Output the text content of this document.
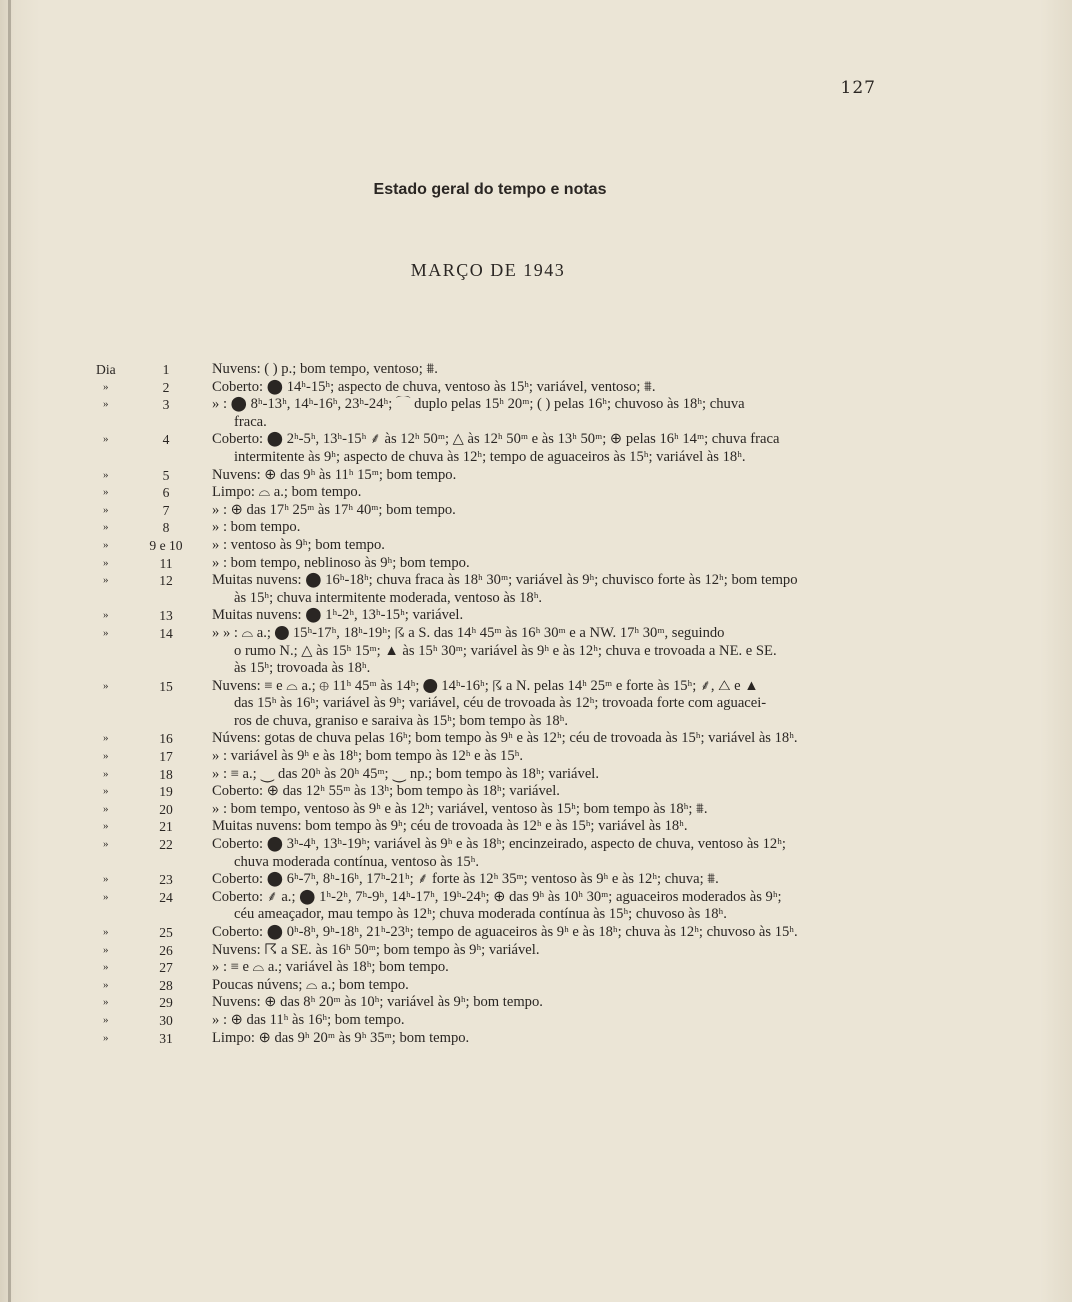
127
Estado geral do tempo e notas
MARÇO DE 1943
Dia	1	Nuvens: ( ) p.; bom tempo, ventoso; ⩩.
»	2	Coberto: ⬤ 14ʰ-15ʰ; aspecto de chuva, ventoso às 15ʰ; variável, ventoso; ⩩.
»	3	» : ⬤ 8ʰ-13ʰ, 14ʰ-16ʰ, 23ʰ-24ʰ; ⌒ duplo pelas 15ʰ 20ᵐ; ( ) pelas 16ʰ; chuvoso às 18ʰ; chuva
fraca.
»	4	Coberto: ⬤ 2ʰ-5ʰ, 13ʰ-15ʰ ⸙ às 12ʰ 50ᵐ; △ às 12ʰ 50ᵐ e às 13ʰ 50ᵐ; ⊕ pelas 16ʰ 14ᵐ; chuva fraca
intermitente às 9ʰ; aspecto de chuva às 12ʰ; tempo de aguaceiros às 15ʰ; variável às 18ʰ.
»	5	Nuvens: ⊕ das 9ʰ às 11ʰ 15ᵐ; bom tempo.
»	6	Limpo: ⌓ a.; bom tempo.
»	7	» : ⊕ das 17ʰ 25ᵐ às 17ʰ 40ᵐ; bom tempo.
»	8	» : bom tempo.
»	9 e 10	» : ventoso às 9ʰ; bom tempo.
»	11	» : bom tempo, neblinoso às 9ʰ; bom tempo.
»	12	Muitas nuvens: ⬤ 16ʰ-18ʰ; chuva fraca às 18ʰ 30ᵐ; variável às 9ʰ; chuvisco forte às 12ʰ; bom tempo
às 15ʰ; chuva intermitente moderada, ventoso às 18ʰ.
»	13	Muitas nuvens: ⬤ 1ʰ-2ʰ, 13ʰ-15ʰ; variável.
»	14	» » : ⌓ a.; ⬤ 15ʰ-17ʰ, 18ʰ-19ʰ; ☈ a S. das 14ʰ 45ᵐ às 16ʰ 30ᵐ e a NW. 17ʰ 30ᵐ, seguindo
o rumo N.; △ às 15ʰ 15ᵐ; ▲ às 15ʰ 30ᵐ; variável às 9ʰ e às 12ʰ; chuva e trovoada a NE. e SE.
às 15ʰ; trovoada às 18ʰ.
»	15	Nuvens: ≡ e ⌓ a.; ⊕ 11ʰ 45ᵐ às 14ʰ; ⬤ 14ʰ-16ʰ; ☈ a N. pelas 14ʰ 25ᵐ e forte às 15ʰ; ⸙, △ e ▲
das 15ʰ às 16ʰ; variável às 9ʰ; variável, céu de trovoada às 12ʰ; trovoada forte com aguacei-
ros de chuva, graniso e saraiva às 15ʰ; bom tempo às 18ʰ.
»	16	Núvens: gotas de chuva pelas 16ʰ; bom tempo às 9ʰ e às 12ʰ; céu de trovoada às 15ʰ; variável às 18ʰ.
»	17	» : variável às 9ʰ e às 18ʰ; bom tempo às 12ʰ e às 15ʰ.
»	18	» : ≡ a.; ⏝ das 20ʰ às 20ʰ 45ᵐ; ⏝ np.; bom tempo às 18ʰ; variável.
»	19	Coberto: ⊕ das 12ʰ 55ᵐ às 13ʰ; bom tempo às 18ʰ; variável.
»	20	» : bom tempo, ventoso às 9ʰ e às 12ʰ; variável, ventoso às 15ʰ; bom tempo às 18ʰ; ⩩.
»	21	Muitas nuvens: bom tempo às 9ʰ; céu de trovoada às 12ʰ e às 15ʰ; variável às 18ʰ.
»	22	Coberto: ⬤ 3ʰ-4ʰ, 13ʰ-19ʰ; variável às 9ʰ e às 18ʰ; encinzeirado, aspecto de chuva, ventoso às 12ʰ;
chuva moderada contínua, ventoso às 15ʰ.
»	23	Coberto: ⬤ 6ʰ-7ʰ, 8ʰ-16ʰ, 17ʰ-21ʰ; ⸙ forte às 12ʰ 35ᵐ; ventoso às 9ʰ e às 12ʰ; chuva; ⩩.
»	24	Coberto: ⸙ a.; ⬤ 1ʰ-2ʰ, 7ʰ-9ʰ, 14ʰ-17ʰ, 19ʰ-24ʰ; ⊕ das 9ʰ às 10ʰ 30ᵐ; aguaceiros moderados às 9ʰ;
céu ameaçador, mau tempo às 12ʰ; chuva moderada contínua às 15ʰ; chuvoso às 18ʰ.
»	25	Coberto: ⬤ 0ʰ-8ʰ, 9ʰ-18ʰ, 21ʰ-23ʰ; tempo de aguaceiros às 9ʰ e às 18ʰ; chuva às 12ʰ; chuvoso às 15ʰ.
»	26	Nuvens: ☈ a SE. às 16ʰ 50ᵐ; bom tempo às 9ʰ; variável.
»	27	» : ≡ e ⌓ a.; variável às 18ʰ; bom tempo.
»	28	Poucas núvens; ⌓ a.; bom tempo.
»	29	Nuvens: ⊕ das 8ʰ 20ᵐ às 10ʰ; variável às 9ʰ; bom tempo.
»	30	» : ⊕ das 11ʰ às 16ʰ; bom tempo.
»	31	Limpo: ⊕ das 9ʰ 20ᵐ às 9ʰ 35ᵐ; bom tempo.
